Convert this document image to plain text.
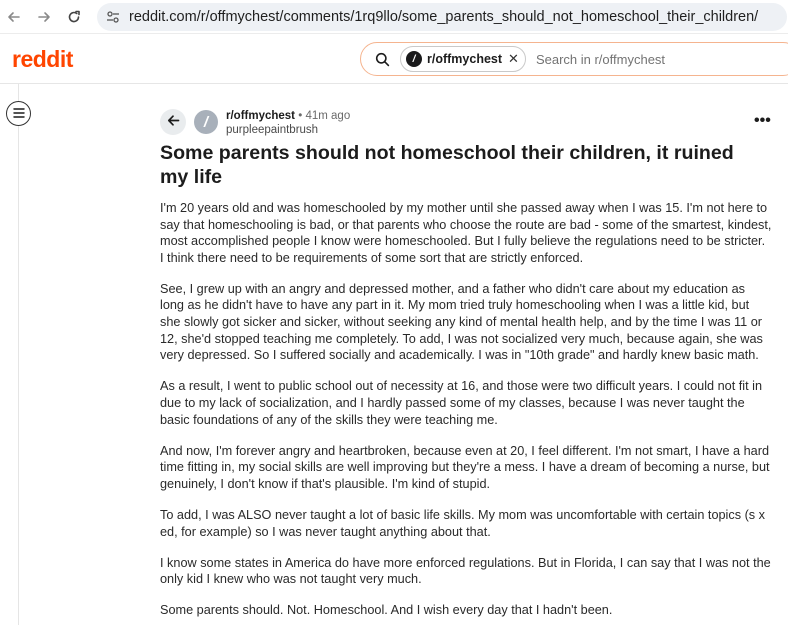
reddit.com/r/offmychest/comments/1rq9llo/some_parents_should_not_homeschool_their_children/
reddit	/ r/offmychest ✕ Search in r/offmychest
/	r/offmychest • 41m ago
purpleepaintbrush
•••
Some parents should not homeschool their children, it ruined my life

I'm 20 years old and was homeschooled by my mother until she passed away when I was 15. I'm not here to say that homeschooling is bad, or that parents who choose the route are bad - some of the smartest, kindest, most accomplished people I know were homeschooled. But I fully believe the regulations need to be stricter. I think there need to be requirements of some sort that are strictly enforced.

See, I grew up with an angry and depressed mother, and a father who didn't care about my education as long as he didn't have to have any part in it. My mom tried truly homeschooling when I was a little kid, but she slowly got sicker and sicker, without seeking any kind of mental health help, and by the time I was 11 or 12, she'd stopped teaching me completely. To add, I was not socialized very much, because again, she was very depressed. So I suffered socially and academically. I was in "10th grade" and hardly knew basic math.

As a result, I went to public school out of necessity at 16, and those were two difficult years. I could not fit in due to my lack of socialization, and I hardly passed some of my classes, because I was never taught the basic foundations of any of the skills they were teaching me.

And now, I'm forever angry and heartbroken, because even at 20, I feel different. I'm not smart, I have a hard time fitting in, my social skills are well improving but they're a mess. I have a dream of becoming a nurse, but genuinely, I don't know if that's plausible. I'm kind of stupid.

To add, I was ALSO never taught a lot of basic life skills. My mom was uncomfortable with certain topics (s x ed, for example) so I was never taught anything about that.

I know some states in America do have more enforced regulations. But in Florida, I can say that I was not the only kid I knew who was not taught very much.

Some parents should. Not. Homeschool. And I wish every day that I hadn't been.
